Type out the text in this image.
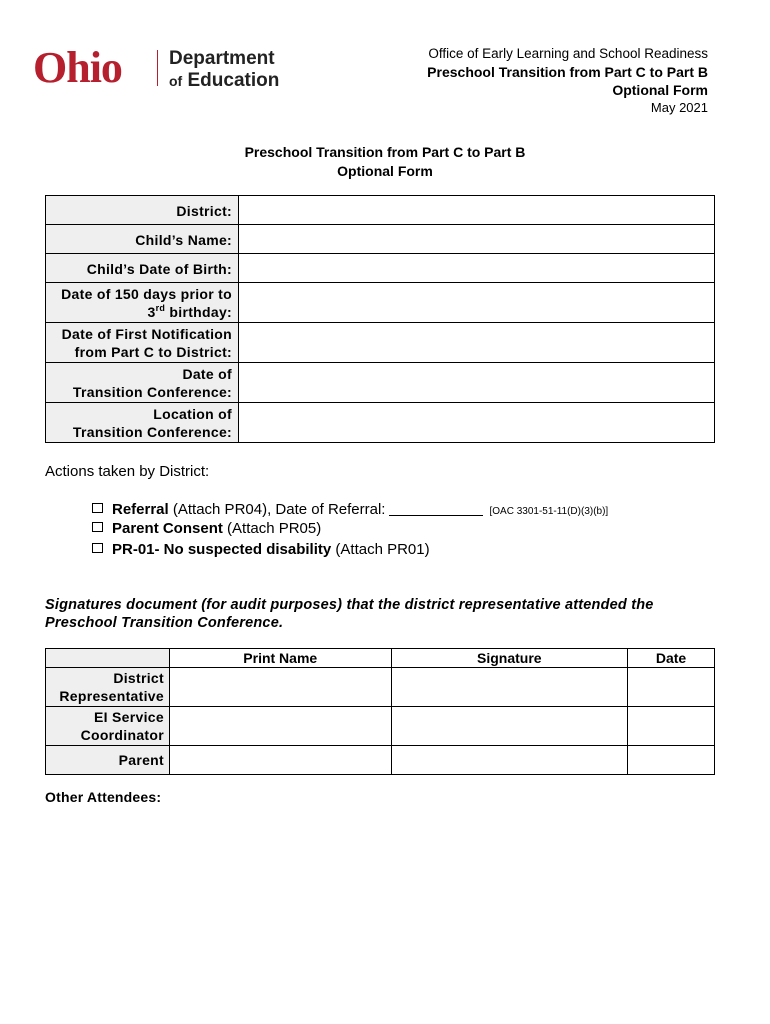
Ohio Department
of Education
Office of Early Learning and School Readiness
Preschool Transition from Part C to Part B
Optional Form
May 2021
Preschool Transition from Part C to Part B
Optional Form
District:	
Child’s Name:	
Child’s Date of Birth:	

Date of 150 days prior to
3rd birthday:	

Date of First Notification
from Part C to District:	

Date of
Transition Conference:	

Location of
Transition Conference:	

Actions taken by District:
Referral (Attach PR04), Date of Referral:	[OAC 3301-51-11(D)(3)(b)]
Parent Consent (Attach PR05)
PR-01- No suspected disability (Attach PR01)
Signatures document (for audit purposes) that the district representative attended the Preschool Transition Conference.
	Print Name	Signature	Date

District
Representative			

EI Service
Coordinator			

Parent			
Other Attendees:
